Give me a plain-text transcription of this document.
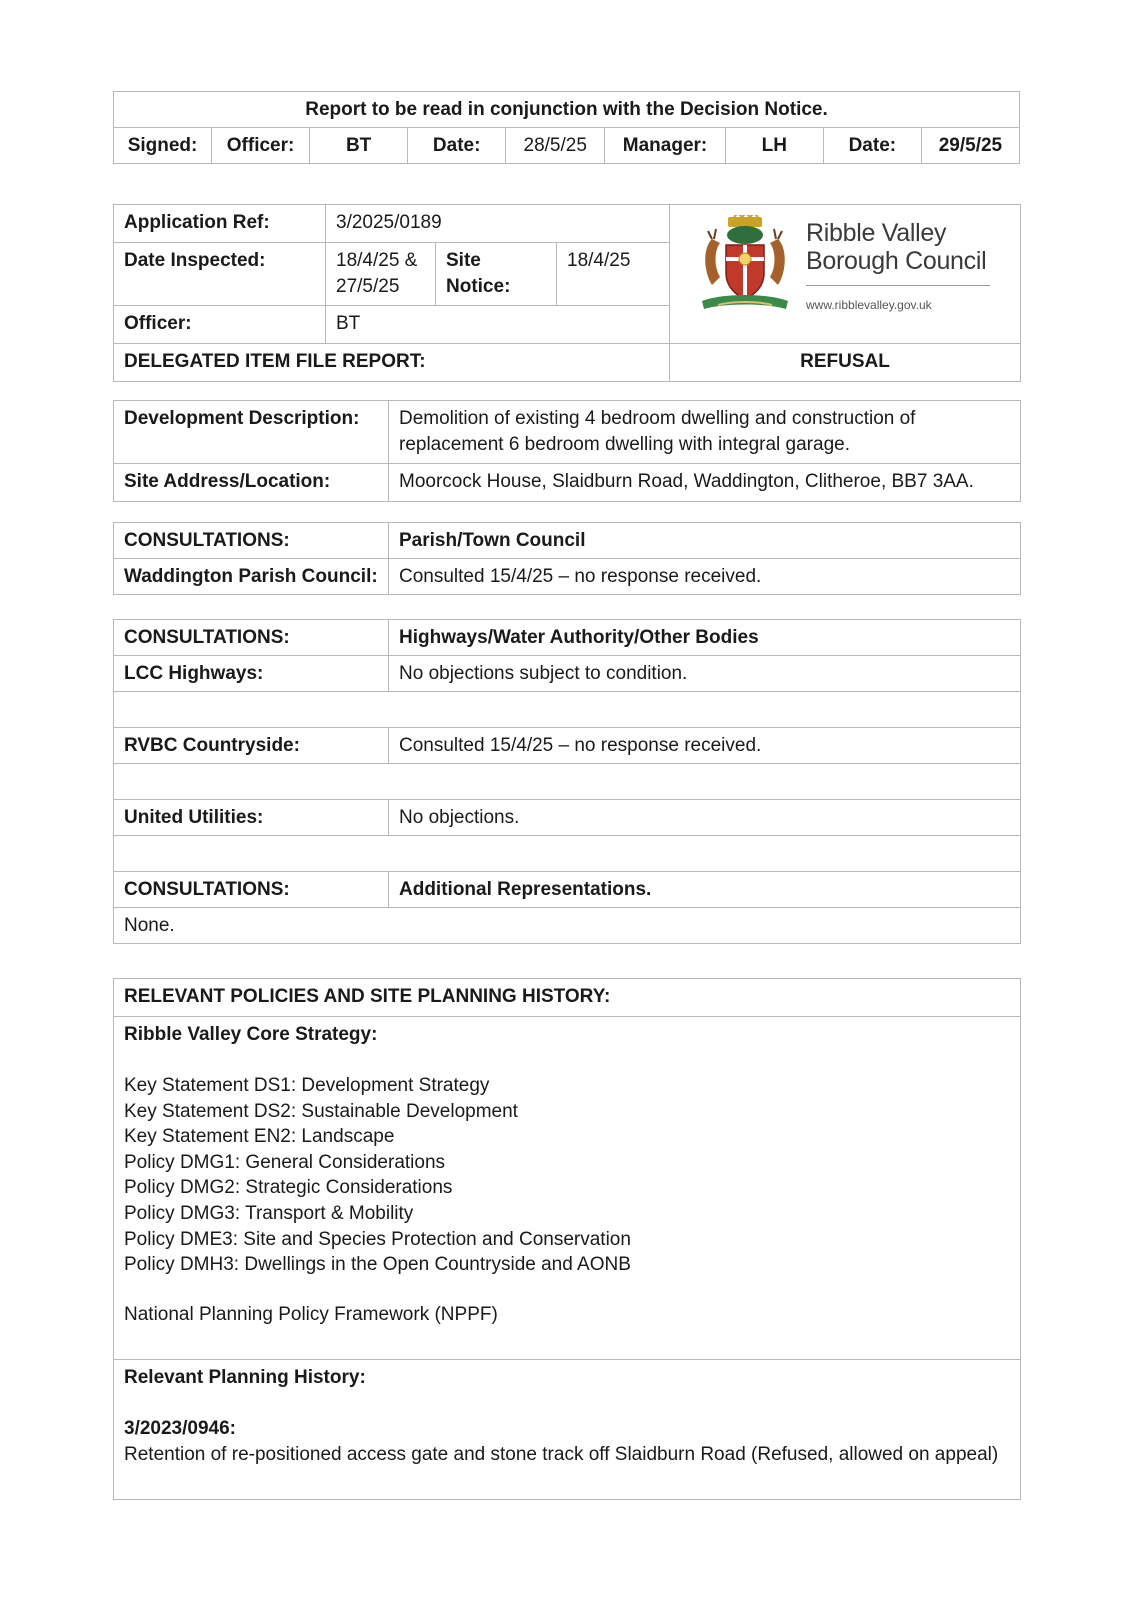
Report to be read in conjunction with the Decision Notice.
Signed:	Officer:	BT	Date:	28/5/25	Manager:	LH	Date:	29/5/25
Application Ref:	3/2025/0189			Ribble Valley
Borough Council
www.ribblevalley.gov.uk

Date Inspected:	18/4/25 & 27/5/25	Site Notice:	18/4/25	
Officer:	BT			
DELEGATED ITEM FILE REPORT:				REFUSAL
Development Description:	Demolition of existing 4 bedroom dwelling and construction of replacement 6 bedroom dwelling with integral garage.
Site Address/Location:	Moorcock House, Slaidburn Road, Waddington, Clitheroe, BB7 3AA.
CONSULTATIONS:	Parish/Town Council
Waddington Parish Council:	Consulted 15/4/25 – no response received.
CONSULTATIONS:	Highways/Water Authority/Other Bodies
LCC Highways:	No objections subject to condition.

RVBC Countryside:	Consulted 15/4/25 – no response received.

United Utilities:	No objections.

CONSULTATIONS:	Additional Representations.
None.	
RELEVANT POLICIES AND SITE PLANNING HISTORY:

Ribble Valley Core Strategy:
Key Statement DS1: Development Strategy
Key Statement DS2: Sustainable Development
Key Statement EN2: Landscape
Policy DMG1: General Considerations
Policy DMG2: Strategic Considerations
Policy DMG3: Transport & Mobility
Policy DME3: Site and Species Protection and Conservation
Policy DMH3: Dwellings in the Open Countryside and AONB
National Planning Policy Framework (NPPF)

Relevant Planning History:
3/2023/0946:
Retention of re-positioned access gate and stone track off Slaidburn Road (Refused, allowed on appeal)
